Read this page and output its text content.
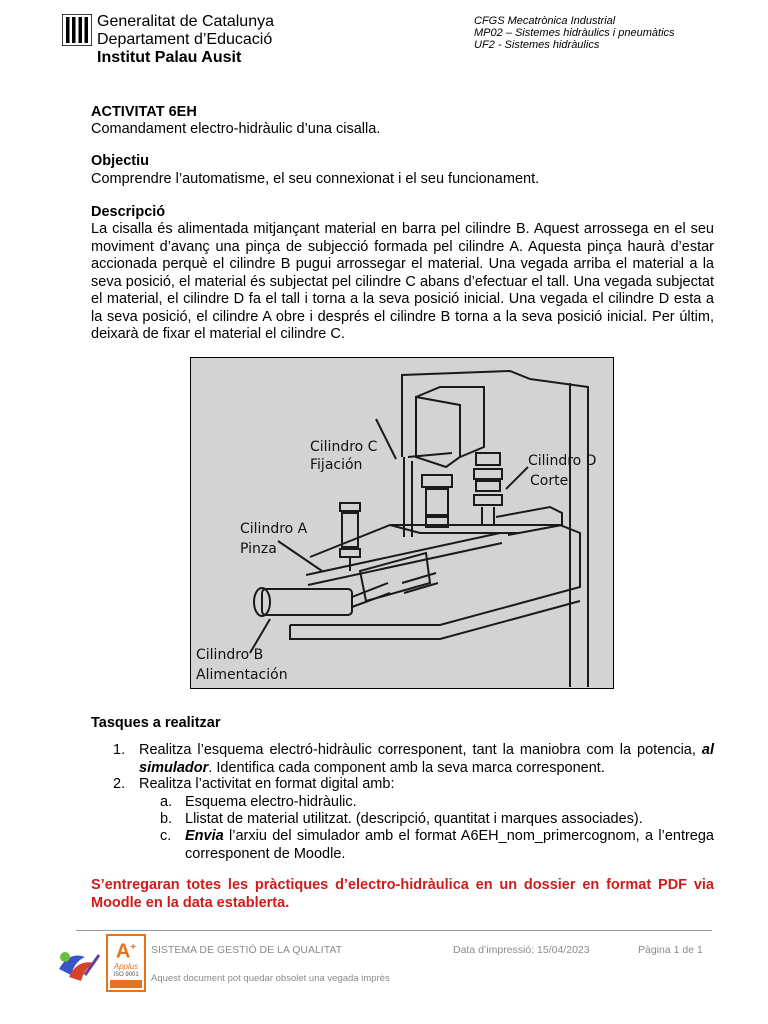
Generalitat de Catalunya
Departament d’Educació
Institut Palau Ausit
CFGS Mecatrònica Industrial
MP02 – Sistemes hidràulics i pneumàtics
UF2 - Sistemes hidràulics
ACTIVITAT 6EH
Comandament electro-hidràulic d’una cisalla.
Objectiu
Comprendre l’automatisme, el seu connexionat i el seu funcionament.
Descripció
La cisalla és alimentada mitjançant material en barra pel cilindre B. Aquest arrossega en el seu moviment d’avanç una pinça de subjecció formada pel cilindre A. Aquesta pinça haurà d’estar accionada perquè el cilindre B pugui arrossegar el material. Una vegada arriba el material a la seva posició, el material és subjectat pel cilindre C abans d’efectuar el tall. Una vegada subjectat el material, el cilindre D fa el tall i torna a la seva posició inicial. Una vegada el cilindre D esta a la seva posició, el cilindre A obre i després el cilindre B torna a la seva posició inicial. Per últim, deixarà de fixar el material el cilindre C.
Cilindro C
Fijación	Cilindro D
Corte
Cilindro A
Pinza
Cilindro B
Alimentación
Tasques a realitzar
1. Realitza l’esquema electró-hidràulic corresponent, tant la maniobra com la potencia, al simulador. Identifica cada component amb la seva marca corresponent.
2. Realitza l’activitat en format digital amb:
a. Esquema electro-hidràulic.
b. Llistat de material utilitzat. (descripció, quantitat i marques associades).
c. Envia l’arxiu del simulador amb el format A6EH_nom_primercognom, a l’entrega corresponent de Moodle.
S’entregaran totes les pràctiques d’electro-hidràulica en un dossier en format PDF via Moodle en la data establerta.
A+
Applus
ISO 9001
SISTEMA DE GESTIÓ DE LA QUALITAT	Data d’impressió: 15/04/2023	Pàgina 1 de 1
Aquest document pot quedar obsolet una vegada imprès
